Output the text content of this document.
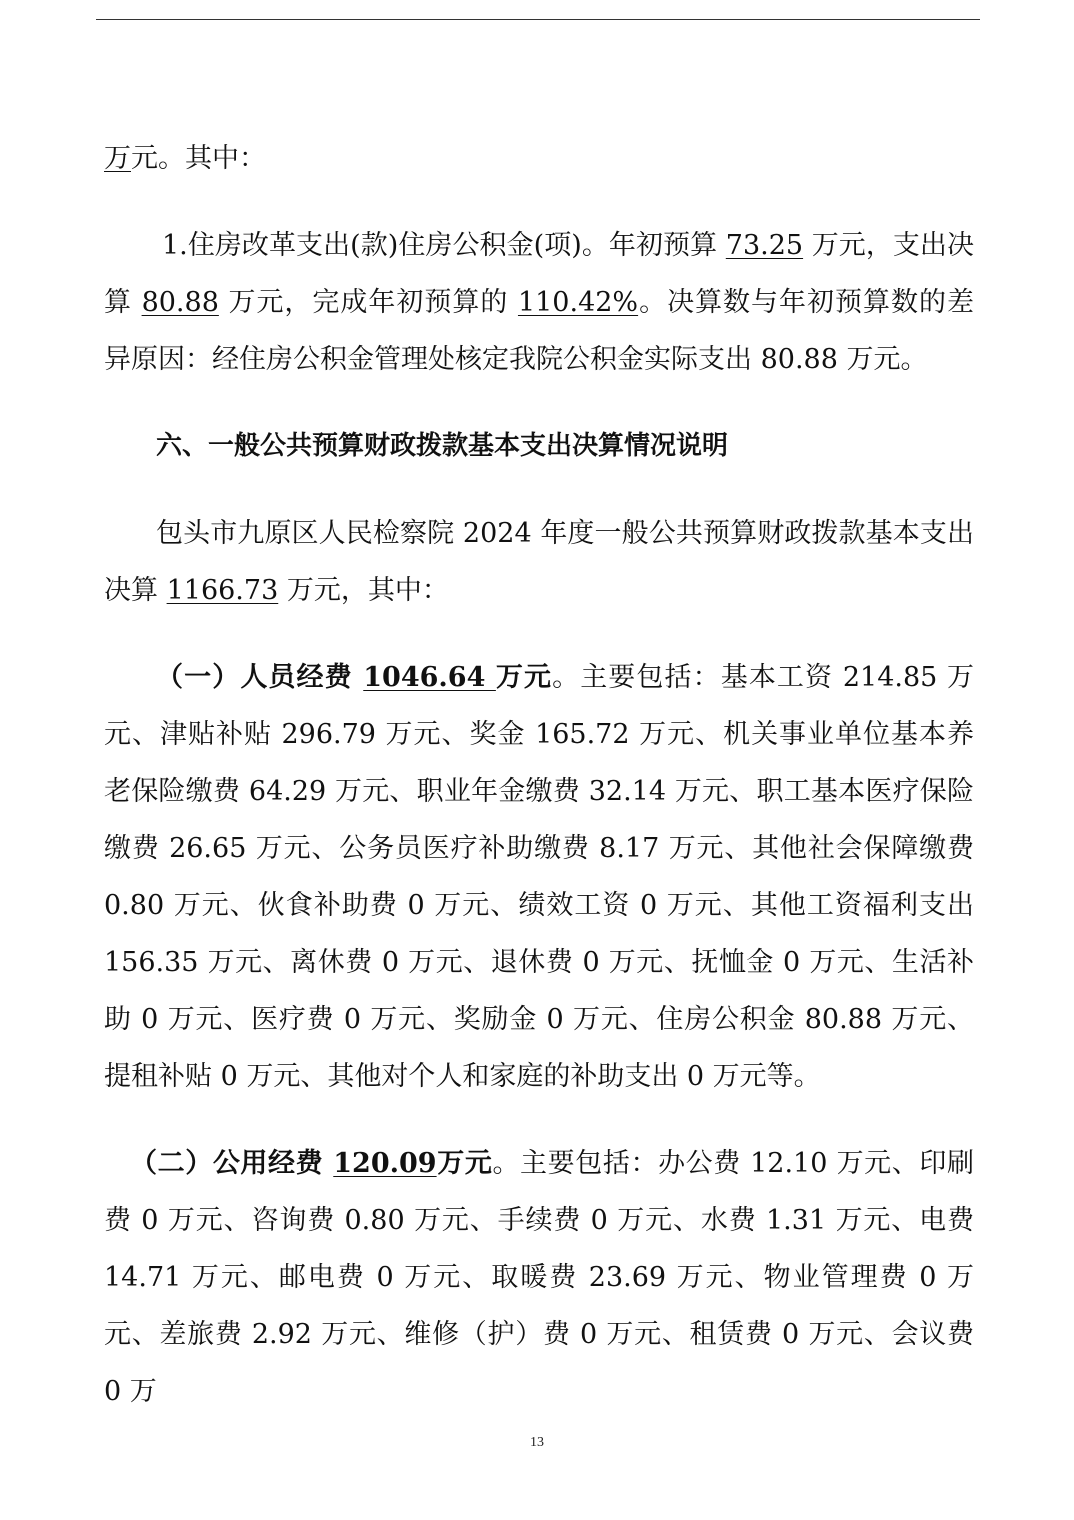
万元。其中：

1.住房改革支出(款)住房公积金(项)。年初预算 73.25 万元，支出决算 80.88 万元，完成年初预算的 110.42%。决算数与年初预算数的差异原因：经住房公积金管理处核定我院公积金实际支出 80.88 万元。

六、一般公共预算财政拨款基本支出决算情况说明

包头市九原区人民检察院 2024 年度一般公共预算财政拨款基本支出决算 1166.73 万元，其中：

（一）人员经费 1046.64 万元。主要包括：基本工资 214.85 万元、津贴补贴 296.79 万元、奖金 165.72 万元、机关事业单位基本养老保险缴费 64.29 万元、职业年金缴费 32.14 万元、职工基本医疗保险缴费 26.65 万元、公务员医疗补助缴费 8.17 万元、其他社会保障缴费 0.80 万元、伙食补助费 0 万元、绩效工资 0 万元、其他工资福利支出 156.35 万元、离休费 0 万元、退休费 0 万元、抚恤金 0 万元、生活补助 0 万元、医疗费 0 万元、奖励金 0 万元、住房公积金 80.88 万元、提租补贴 0 万元、其他对个人和家庭的补助支出 0 万元等。

（二）公用经费 120.09万元。主要包括：办公费 12.10 万元、印刷费 0 万元、咨询费 0.80 万元、手续费 0 万元、水费 1.31 万元、电费 14.71 万元、邮电费 0 万元、取暖费 23.69 万元、物业管理费 0 万元、差旅费 2.92 万元、维修（护）费 0 万元、租赁费 0 万元、会议费 0 万

13
